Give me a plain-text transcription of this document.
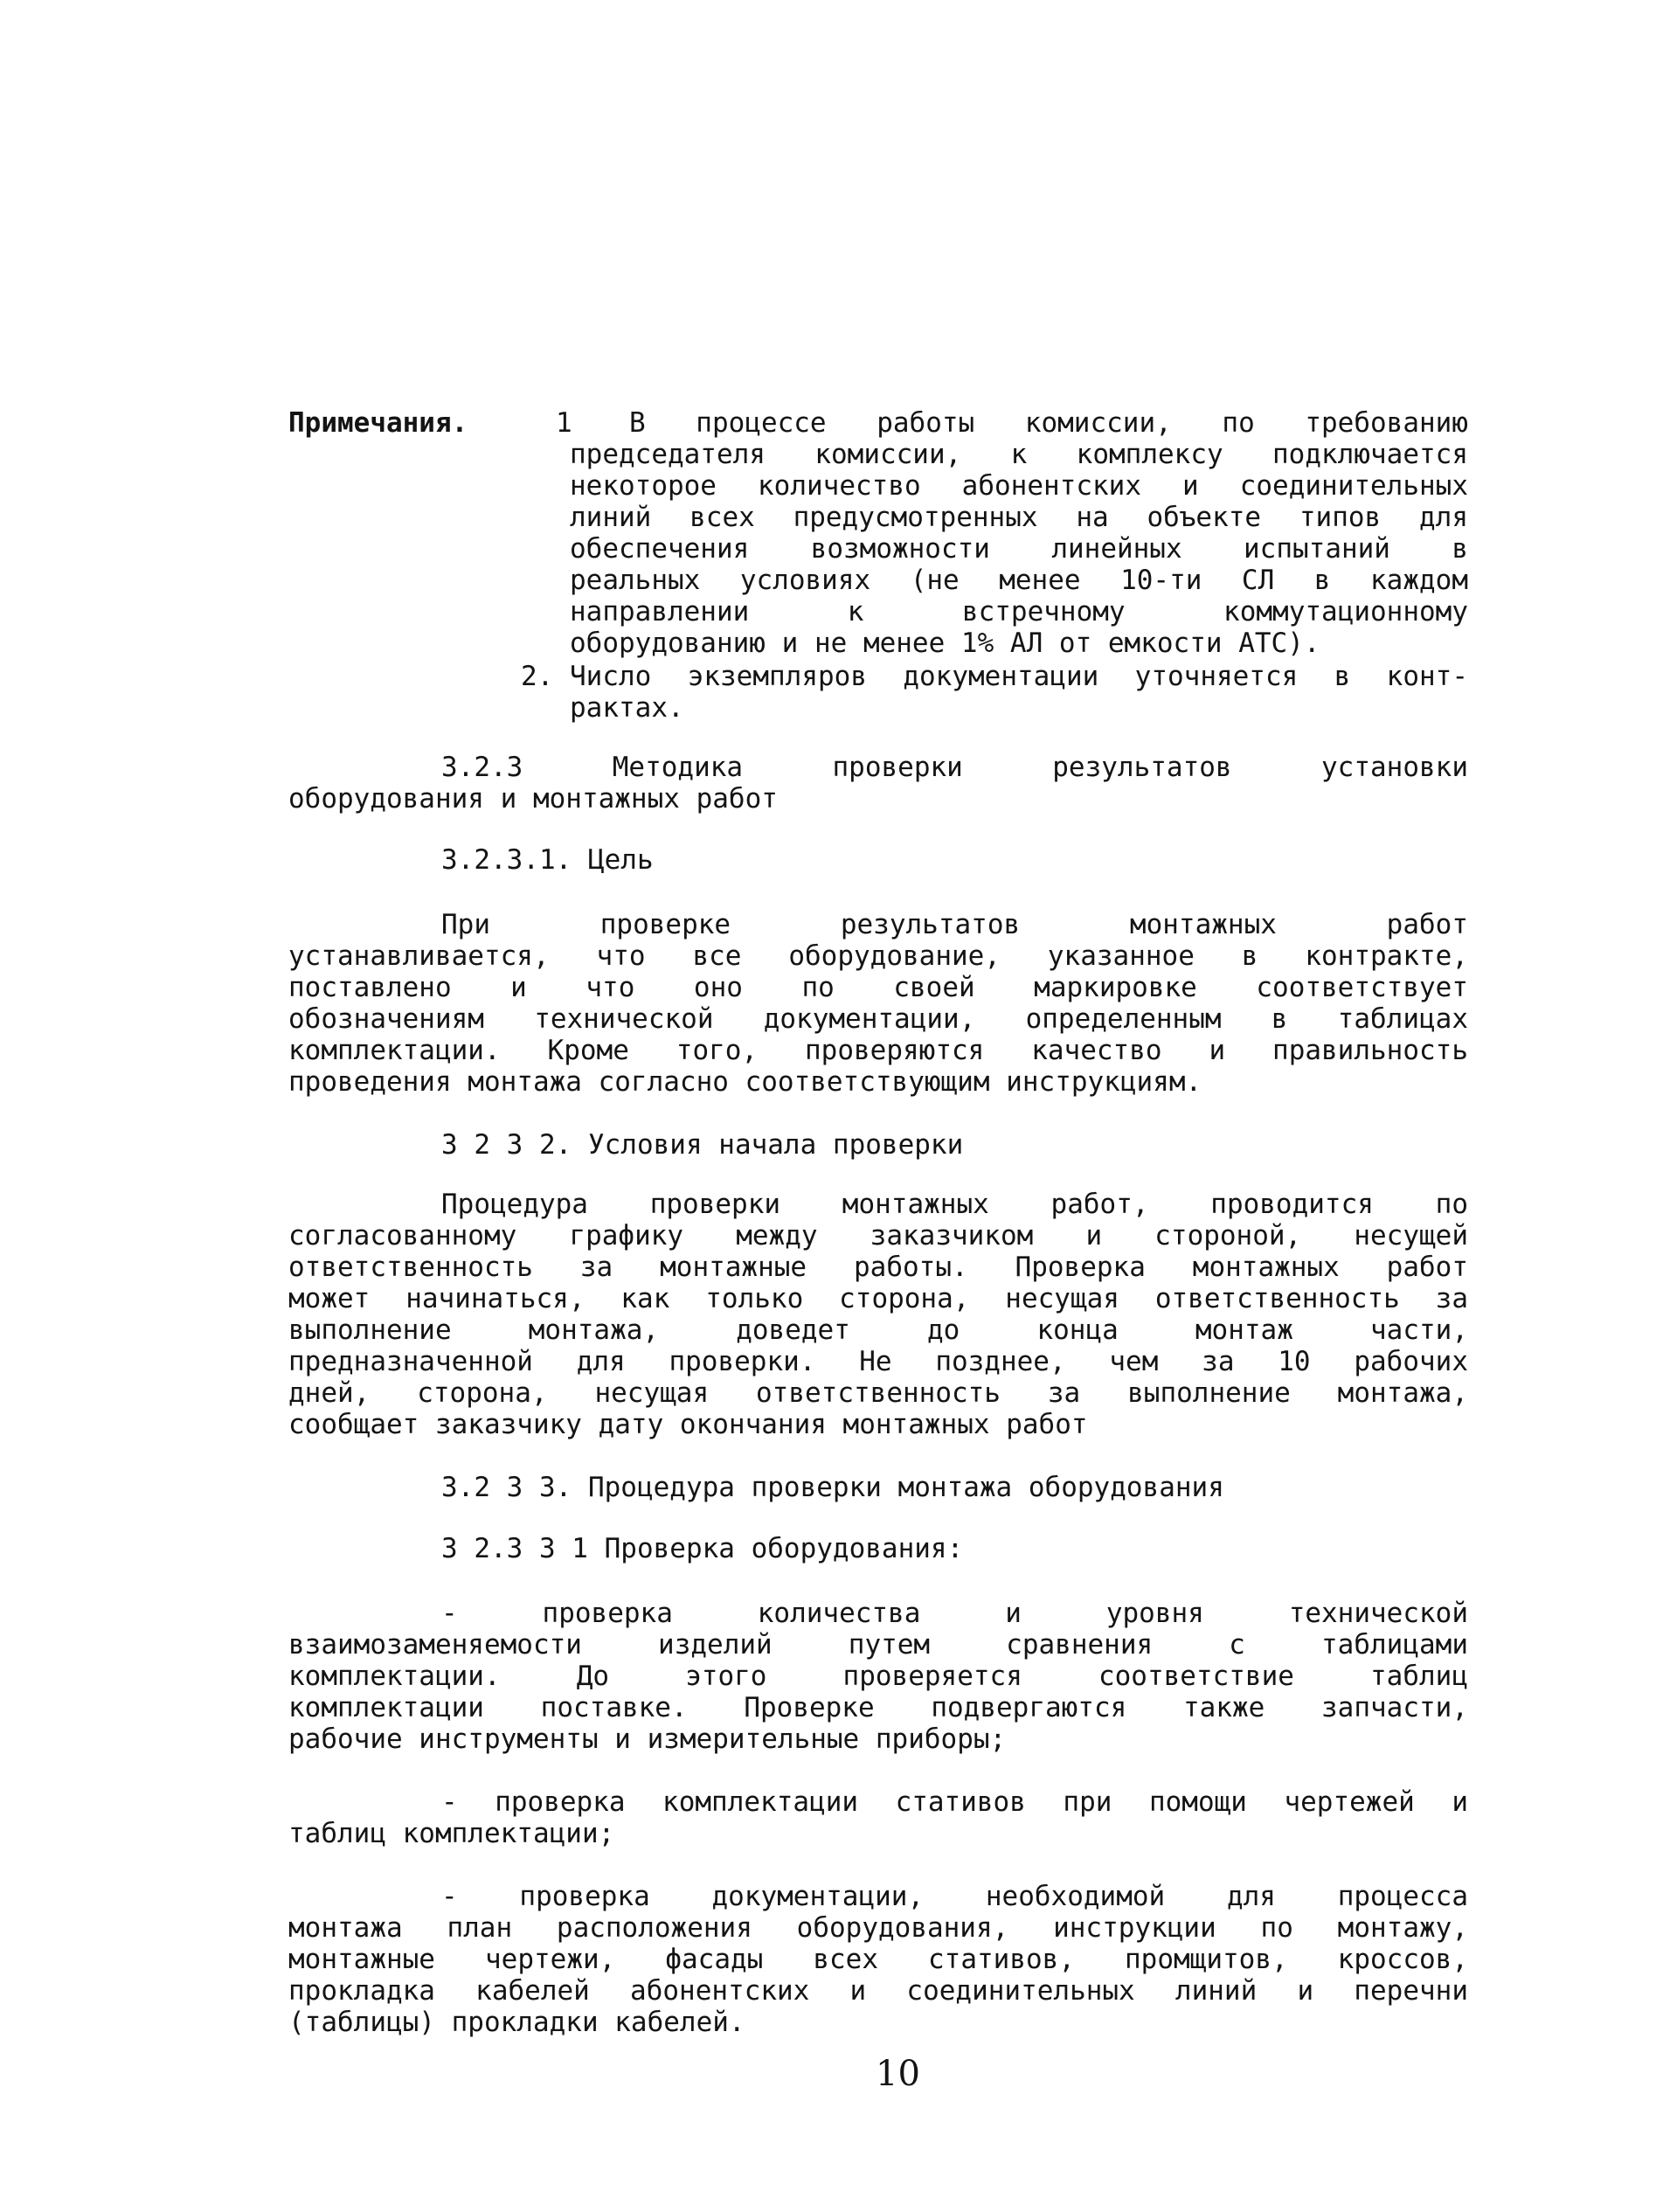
Примечания.	1 В процессе работы комиссии, по требованию
председателя комиссии, к комплексу подключается
некоторое количество абонентских и соединительных
линий всех предусмотренных на объекте типов для
обеспечения возможности линейных испытаний в
реальных условиях (не менее 10-ти СЛ в каждом
направлении к встречному коммутационному
оборудованию и не менее 1% АЛ от емкости АТС).
2. Число экземпляров документации уточняется в конт-
рактах.
3.2.3 Методика проверки результатов установки
оборудования и монтажных работ
3.2.3.1. Цель
При проверке результатов монтажных работ
устанавливается, что все оборудование, указанное в контракте,
поставлено и что оно по своей маркировке соответствует
обозначениям технической документации, определенным в таблицах
комплектации. Кроме того, проверяются качество и правильность
проведения монтажа согласно соответствующим инструкциям.
3 2 3 2. Условия начала проверки
Процедура проверки монтажных работ, проводится по
согласованному графику между заказчиком и стороной, несущей
ответственность за монтажные работы. Проверка монтажных работ
может начинаться, как только сторона, несущая ответственность за
выполнение монтажа, доведет до конца монтаж части,
предназначенной для проверки. Не позднее, чем за 10 рабочих
дней, сторона, несущая ответственность за выполнение монтажа,
сообщает заказчику дату окончания монтажных работ
3.2 3 3. Процедура проверки монтажа оборудования
3 2.3 3 1 Проверка оборудования:
- проверка количества и уровня технической
взаимозаменяемости изделий путем сравнения с таблицами
комплектации. До этого проверяется соответствие таблиц
комплектации поставке. Проверке подвергаются также запчасти,
рабочие инструменты и измерительные приборы;
- проверка комплектации стативов при помощи чертежей и
таблиц комплектации;
- проверка документации, необходимой для процесса
монтажа план расположения оборудования, инструкции по монтажу,
монтажные чертежи, фасады всех стативов, промщитов, кроссов,
прокладка кабелей абонентских и соединительных линий и перечни
(таблицы) прокладки кабелей.
10
